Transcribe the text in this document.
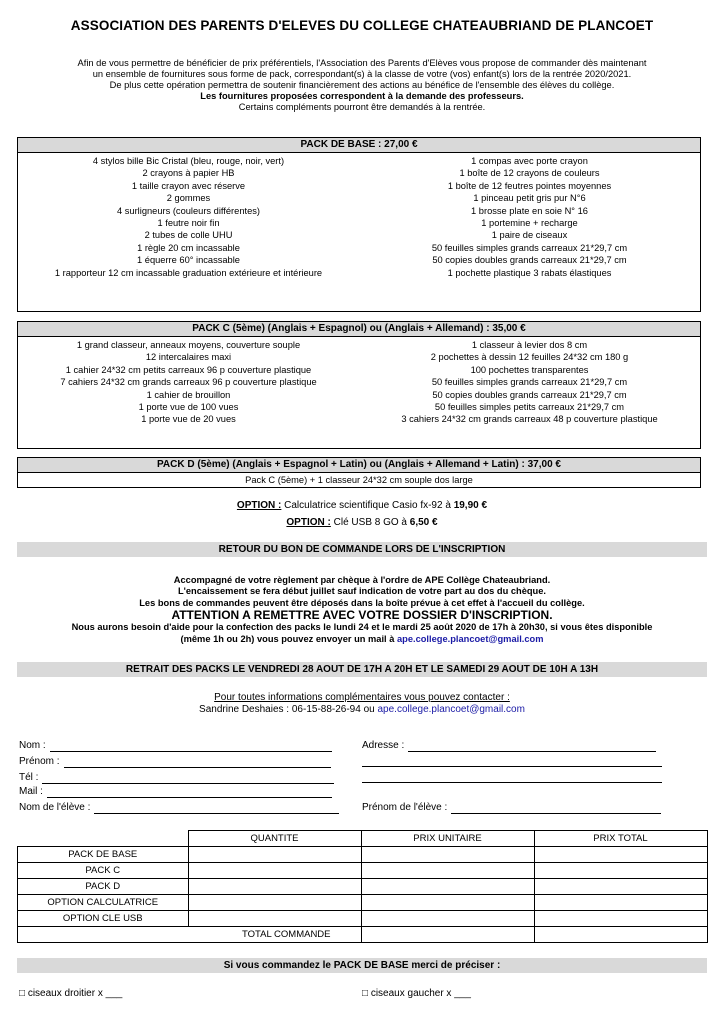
ASSOCIATION DES PARENTS D'ELEVES DU COLLEGE CHATEAUBRIAND DE PLANCOET
Afin de vous permettre de bénéficier de prix préférentiels, l'Association des Parents d'Elèves vous propose de commander dès maintenant
un ensemble de fournitures sous forme de pack, correspondant(s) à la classe de votre (vos) enfant(s) lors de la rentrée 2020/2021.
De plus cette opération permettra de soutenir financièrement des actions au bénéfice de l'ensemble des élèves du collège.
Les fournitures proposées correspondent à la demande des professeurs.
Certains compléments pourront être demandés à la rentrée.
PACK DE BASE : 27,00 €
4 stylos bille Bic Cristal (bleu, rouge, noir, vert)
2 crayons à papier HB
1 taille crayon avec réserve
2 gommes
4 surligneurs (couleurs différentes)
1 feutre noir fin
2 tubes de colle UHU
1 règle 20 cm incassable
1 équerre 60° incassable
1 rapporteur 12 cm incassable graduation extérieure et intérieure
1 compas avec porte crayon
1 boîte de 12 crayons de couleurs
1 boîte de 12 feutres pointes moyennes
1 pinceau petit gris pur N°6
1 brosse plate en soie N° 16
1 portemine + recharge
1 paire de ciseaux
50 feuilles simples grands carreaux 21*29,7 cm
50 copies doubles grands carreaux 21*29,7 cm
1 pochette plastique 3 rabats élastiques
PACK C (5ème) (Anglais + Espagnol) ou (Anglais + Allemand) : 35,00 €
1 grand classeur, anneaux moyens, couverture souple
12 intercalaires maxi
1 cahier 24*32 cm petits carreaux 96 p couverture plastique
7 cahiers 24*32 cm grands carreaux 96 p couverture plastique
1 cahier de brouillon
1 porte vue de 100 vues
1 porte vue de 20 vues
1 classeur à levier dos 8 cm
2 pochettes à dessin 12 feuilles 24*32 cm 180 g
100 pochettes transparentes
50 feuilles simples grands carreaux 21*29,7 cm
50 copies doubles grands carreaux 21*29,7 cm
50 feuilles simples petits carreaux 21*29,7 cm
3 cahiers 24*32 cm grands carreaux 48 p couverture plastique
PACK D (5ème) (Anglais + Espagnol + Latin) ou (Anglais + Allemand + Latin) : 37,00 €
Pack C (5ème) + 1 classeur 24*32 cm souple dos large
OPTION : Calculatrice scientifique Casio fx-92 à 19,90 €
OPTION : Clé USB 8 GO à 6,50 €
RETOUR DU BON DE COMMANDE LORS DE L'INSCRIPTION
Accompagné de votre règlement par chèque à l'ordre de APE Collège Chateaubriand.
L'encaissement se fera début juillet sauf indication de votre part au dos du chèque.
Les bons de commandes peuvent être déposés dans la boîte prévue à cet effet à l'accueil du collège.
ATTENTION A REMETTRE AVEC VOTRE DOSSIER D'INSCRIPTION.
Nous aurons besoin d'aide pour la confection des packs le lundi 24 et le mardi 25 août 2020 de 17h à 20h30, si vous êtes disponible
(même 1h ou 2h) vous pouvez envoyer un mail à ape.college.plancoet@gmail.com
RETRAIT DES PACKS LE VENDREDI 28 AOUT DE 17H A 20H ET LE SAMEDI 29 AOUT DE 10H A 13H
Pour toutes informations complémentaires vous pouvez contacter :
Sandrine Deshaies : 06-15-88-26-94 ou ape.college.plancoet@gmail.com
Nom :
Prénom :
Tél :
Mail :
Nom de l'élève :
Adresse :
Prénom de l'élève :
	QUANTITE	PRIX UNITAIRE	PRIX TOTAL
PACK DE BASE			
PACK C			
PACK D			
OPTION CALCULATRICE			
OPTION CLE USB			
TOTAL COMMANDE			
Si vous commandez le PACK DE BASE merci de préciser :
□ ciseaux droitier x ___	□ ciseaux gaucher x ___
